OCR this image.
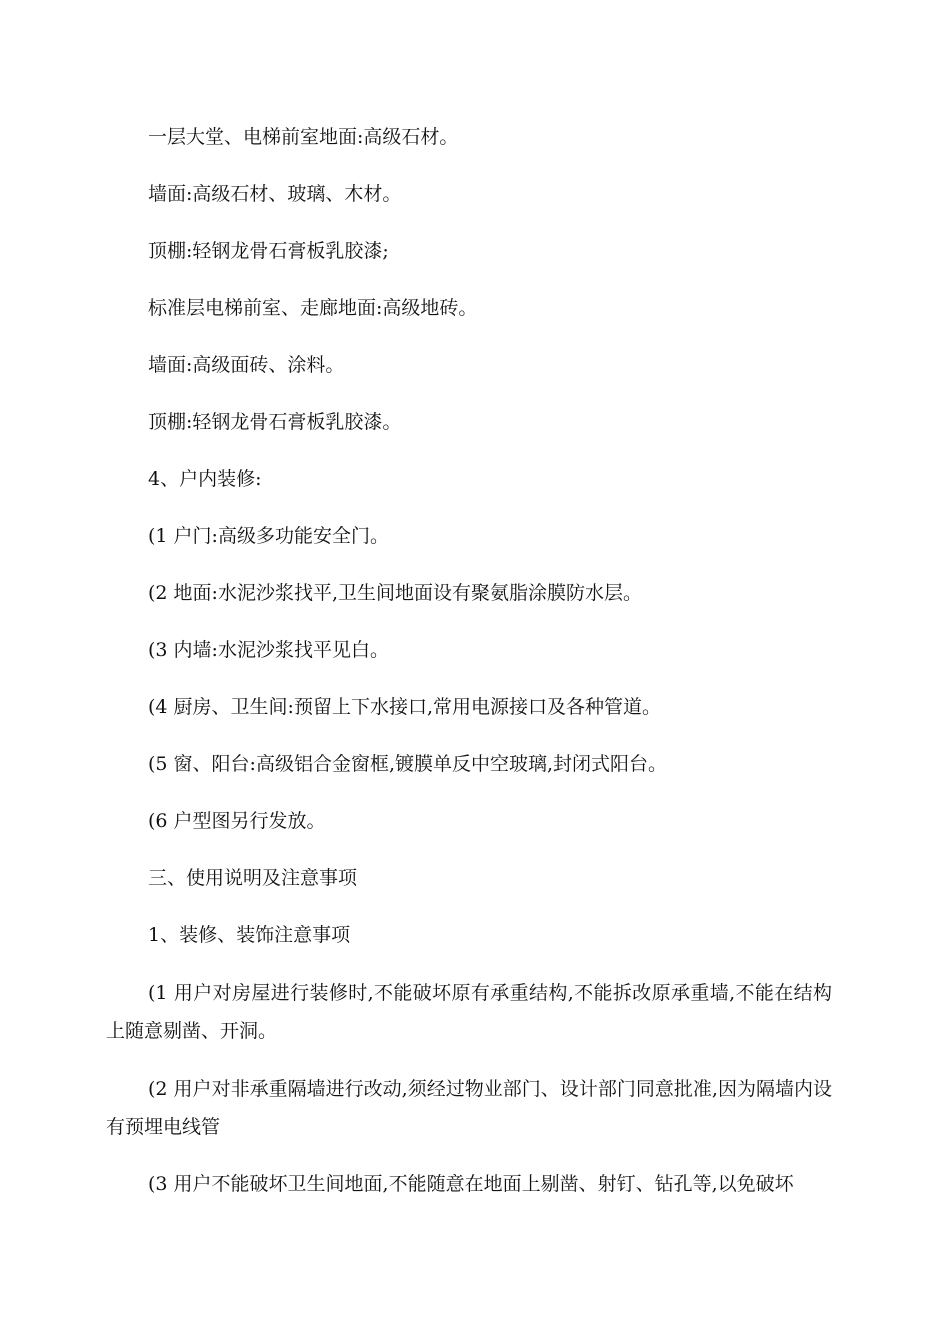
一层大堂、电梯前室地面:高级石材。
墙面:高级石材、玻璃、木材。
顶棚:轻钢龙骨石膏板乳胶漆;
标准层电梯前室、走廊地面:高级地砖。
墙面:高级面砖、涂料。
顶棚:轻钢龙骨石膏板乳胶漆。
4、户内装修:
(1 户门:高级多功能安全门。
(2 地面:水泥沙浆找平,卫生间地面设有聚氨脂涂膜防水层。
(3 内墙:水泥沙浆找平见白。
(4 厨房、卫生间:预留上下水接口,常用电源接口及各种管道。
(5 窗、阳台:高级铝合金窗框,镀膜单反中空玻璃,封闭式阳台。
(6 户型图另行发放。
三、使用说明及注意事项
1、装修、装饰注意事项
(1 用户对房屋进行装修时,不能破坏原有承重结构,不能拆改原承重墙,不能在结构上随意剔凿、开洞。
(2 用户对非承重隔墙进行改动,须经过物业部门、设计部门同意批准,因为隔墙内设有预埋电线管
(3 用户不能破坏卫生间地面,不能随意在地面上剔凿、射钉、钻孔等,以免破坏
